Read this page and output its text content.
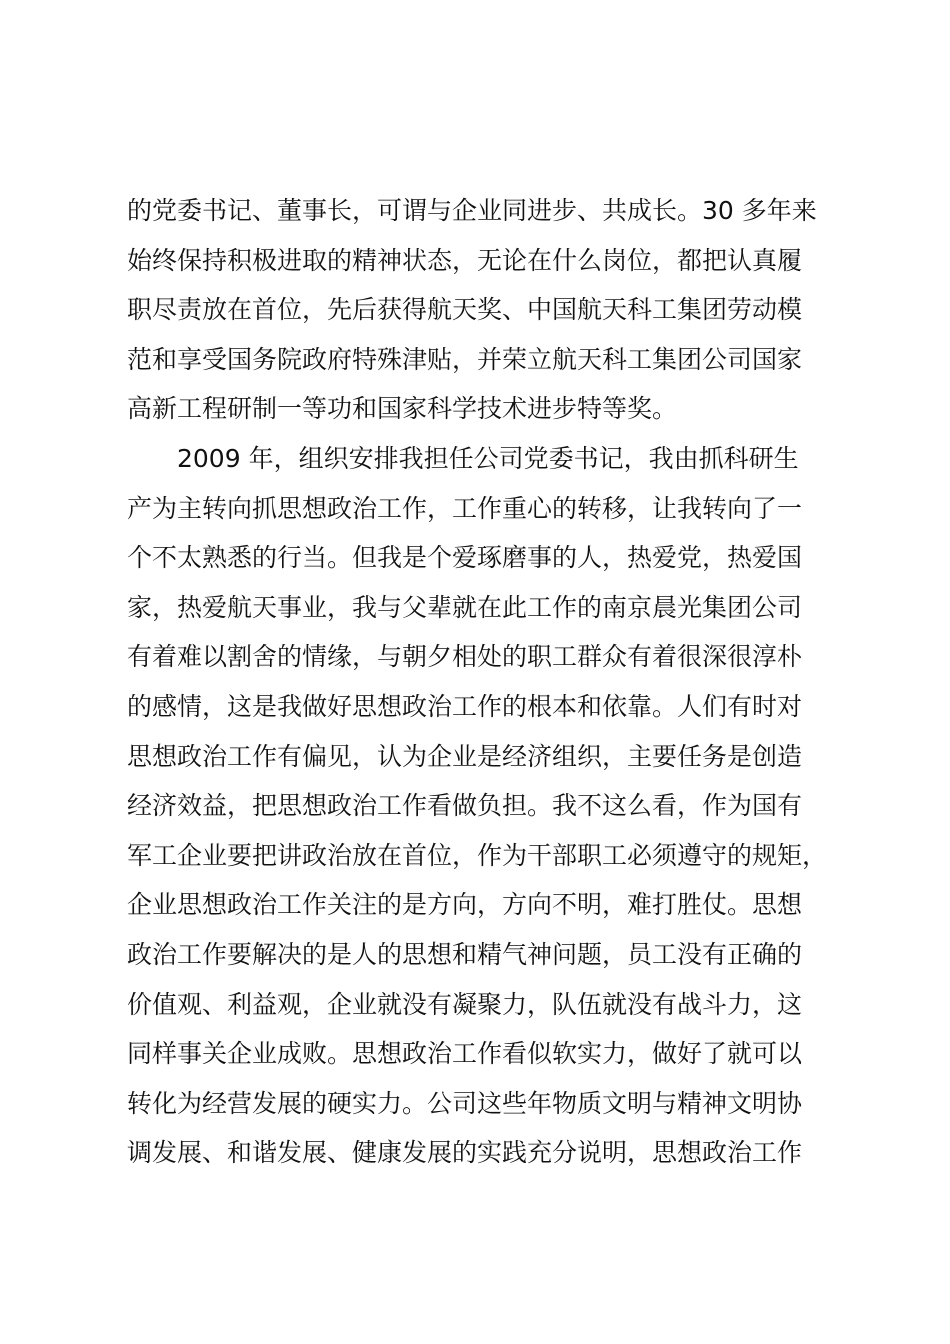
的党委书记、董事长，可谓与企业同进步、共成长。30 多年来
始终保持积极进取的精神状态，无论在什么岗位，都把认真履
职尽责放在首位，先后获得航天奖、中国航天科工集团劳动模
范和享受国务院政府特殊津贴，并荣立航天科工集团公司国家
高新工程研制一等功和国家科学技术进步特等奖。
2009 年，组织安排我担任公司党委书记，我由抓科研生
产为主转向抓思想政治工作，工作重心的转移，让我转向了一
个不太熟悉的行当。但我是个爱琢磨事的人，热爱党，热爱国
家，热爱航天事业，我与父辈就在此工作的南京晨光集团公司
有着难以割舍的情缘，与朝夕相处的职工群众有着很深很淳朴
的感情，这是我做好思想政治工作的根本和依靠。人们有时对
思想政治工作有偏见，认为企业是经济组织，主要任务是创造
经济效益，把思想政治工作看做负担。我不这么看，作为国有
军工企业要把讲政治放在首位，作为干部职工必须遵守的规矩，
企业思想政治工作关注的是方向，方向不明，难打胜仗。思想
政治工作要解决的是人的思想和精气神问题，员工没有正确的
价值观、利益观，企业就没有凝聚力，队伍就没有战斗力，这
同样事关企业成败。思想政治工作看似软实力，做好了就可以
转化为经营发展的硬实力。公司这些年物质文明与精神文明协
调发展、和谐发展、健康发展的实践充分说明，思想政治工作
